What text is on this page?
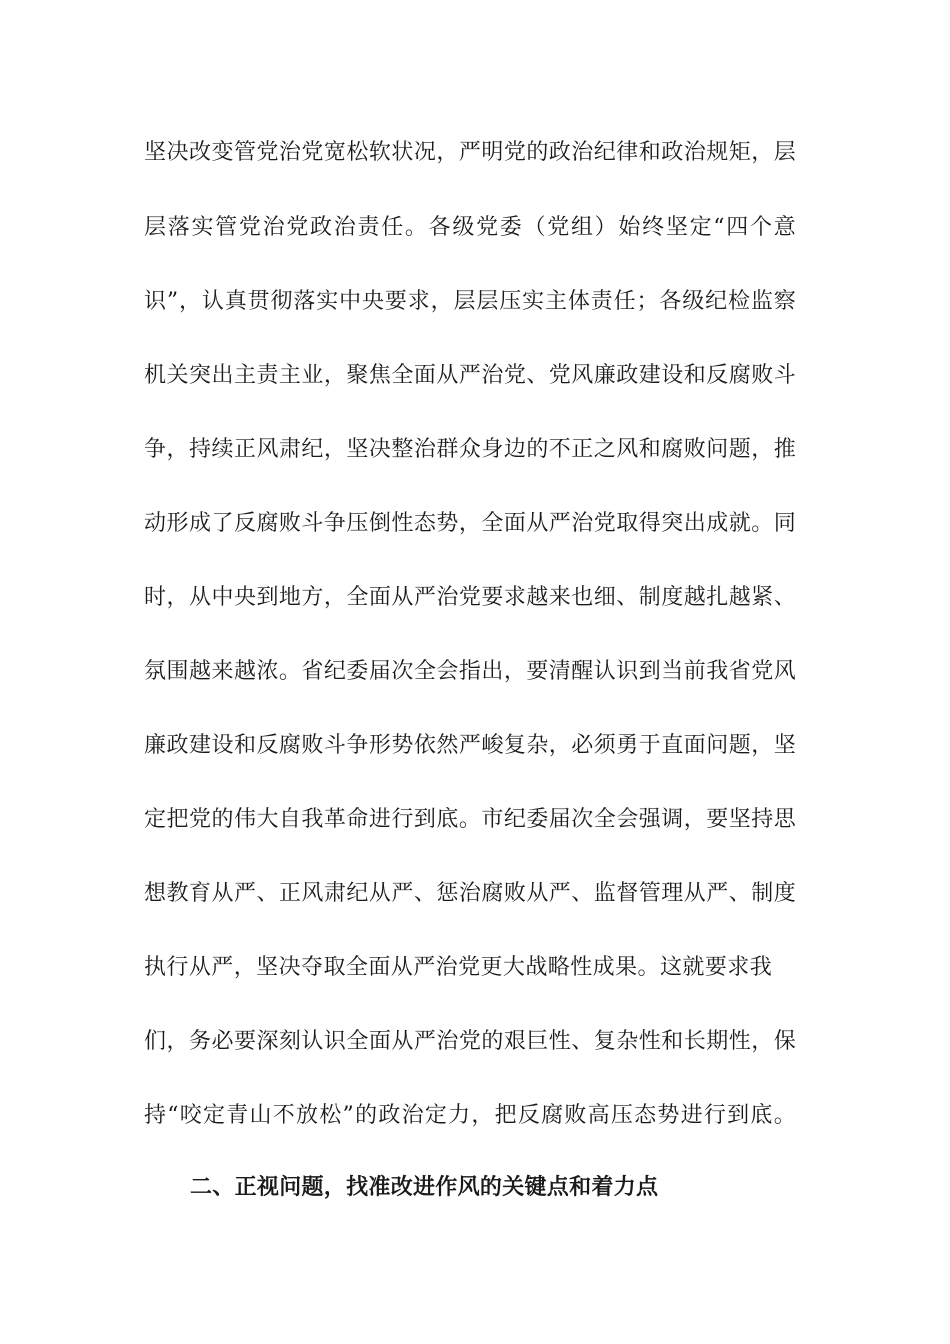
坚决改变管党治党宽松软状况，严明党的政治纪律和政治规矩，层
层落实管党治党政治责任。各级党委（党组）始终坚定“四个意
识”，认真贯彻落实中央要求，层层压实主体责任；各级纪检监察
机关突出主责主业，聚焦全面从严治党、党风廉政建设和反腐败斗
争，持续正风肃纪，坚决整治群众身边的不正之风和腐败问题，推
动形成了反腐败斗争压倒性态势，全面从严治党取得突出成就。同
时，从中央到地方，全面从严治党要求越来也细、制度越扎越紧、
氛围越来越浓。省纪委届次全会指出，要清醒认识到当前我省党风
廉政建设和反腐败斗争形势依然严峻复杂，必须勇于直面问题，坚
定把党的伟大自我革命进行到底。市纪委届次全会强调，要坚持思
想教育从严、正风肃纪从严、惩治腐败从严、监督管理从严、制度
执行从严，坚决夺取全面从严治党更大战略性成果。这就要求我
们，务必要深刻认识全面从严治党的艰巨性、复杂性和长期性，保
持“咬定青山不放松”的政治定力，把反腐败高压态势进行到底。
二、正视问题，找准改进作风的关键点和着力点
